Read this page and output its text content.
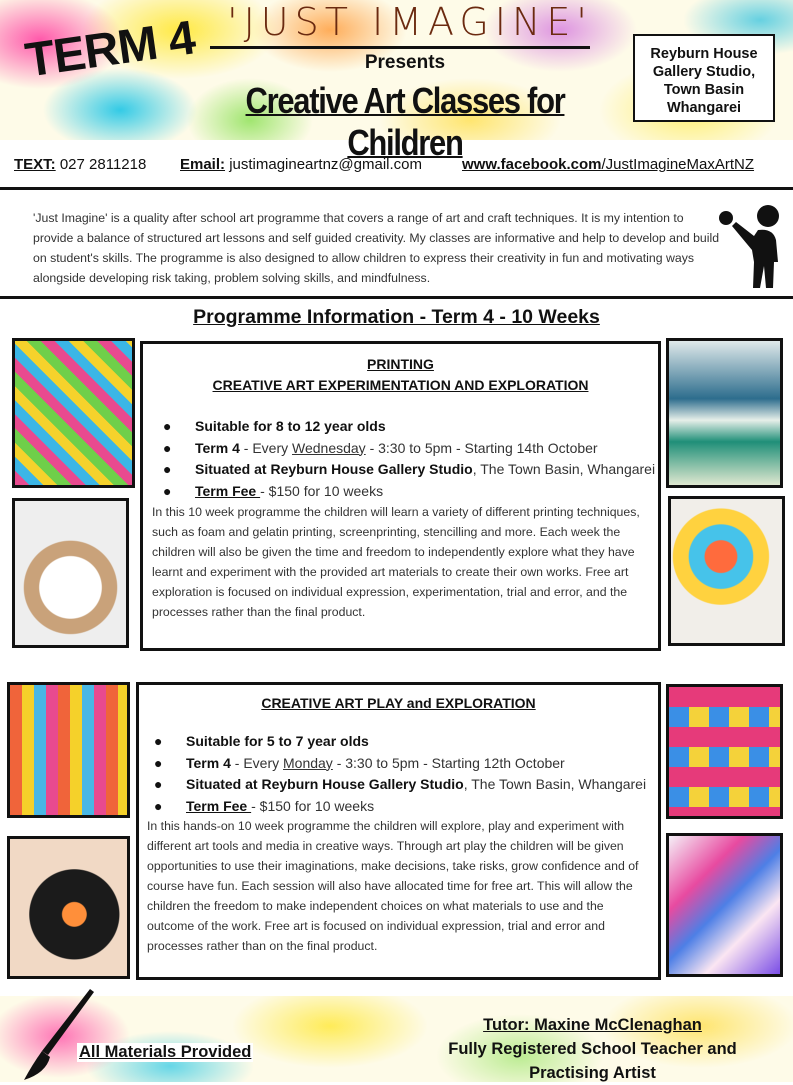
TERM 4 'JUST IMAGINE'
Presents
Creative Art Classes for Children
Reyburn House
Gallery Studio,
Town Basin
Whangarei
TEXT: 027 2811218 Email: justimagineartnz@gmail.com	www.facebook.com/JustImagineMaxArtNZ
'Just Imagine' is a quality after school art programme that covers a range of art and craft techniques. It is my intention to provide a balance of structured art lessons and self guided creativity. My classes are informative and help to develop and build on student's skills. The programme is also designed to allow children to express their creativity in fun and motivating ways alongside developing risk taking, problem solving skills, and mindfulness.
Programme Information - Term 4 - 10 Weeks
PRINTING
CREATIVE ART EXPERIMENTATION AND EXPLORATION
● Suitable for 8 to 12 year olds
● Term 4 - Every Wednesday - 3:30 to 5pm - Starting 14th October
● Situated at Reyburn House Gallery Studio, The Town Basin, Whangarei
● Term Fee - $150 for 10 weeks
In this 10 week programme the children will learn a variety of different printing techniques, such as foam and gelatin printing, screenprinting, stencilling and more. Each week the children will also be given the time and freedom to independently explore what they have learnt and experiment with the provided art materials to create their own works. Free art exploration is focused on individual expression, experimentation, trial and error, and the processes rather than the final product.
CREATIVE ART PLAY and EXPLORATION
● Suitable for 5 to 7 year olds
● Term 4 - Every Monday - 3:30 to 5pm - Starting 12th October
● Situated at Reyburn House Gallery Studio, The Town Basin, Whangarei
● Term Fee - $150 for 10 weeks
In this hands-on 10 week programme the children will explore, play and experiment with different art tools and media in creative ways. Through art play the children will be given opportunities to use their imaginations, make decisions, take risks, grow confidence and of course have fun. Each session will also have allocated time for free art. This will allow the children the freedom to make independent choices on what materials to use and the outcome of the work. Free art is focused on individual expression, trial and error and processes rather than on the final product.
All Materials Provided
Tutor: Maxine McClenaghan
Fully Registered School Teacher and
Practising Artist
